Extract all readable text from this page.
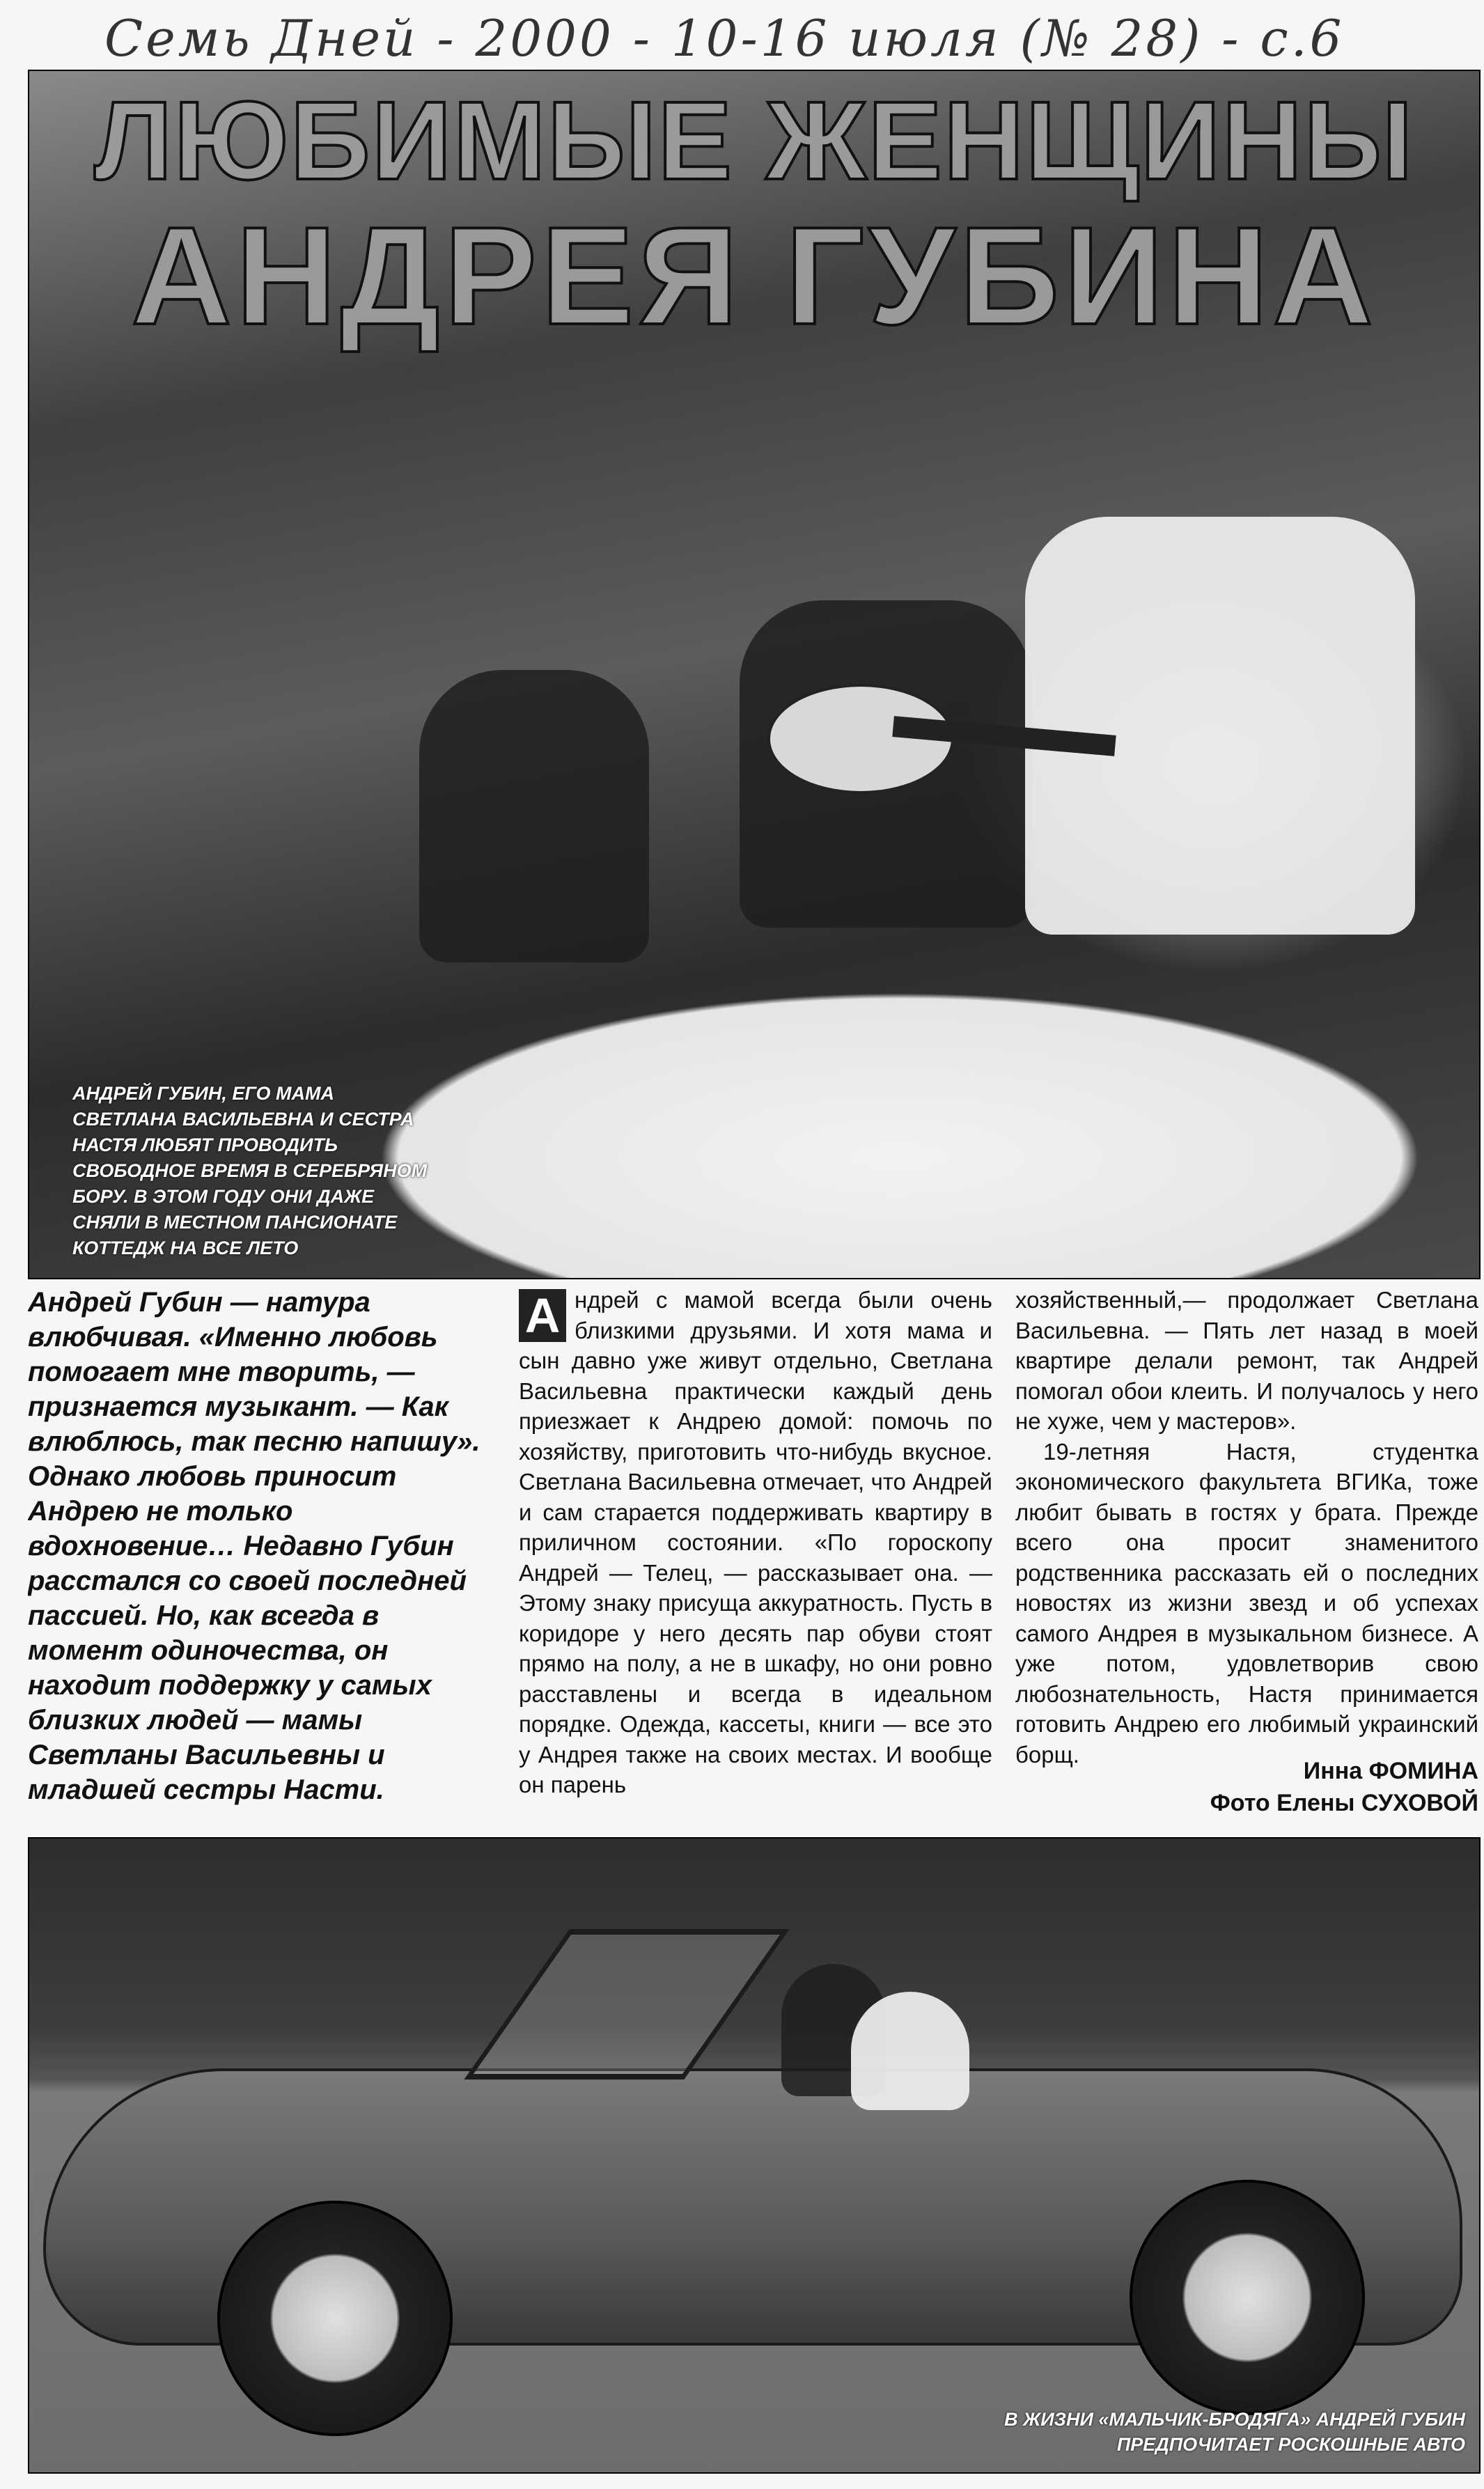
Семь Дней - 2000 - 10-16 июля (№ 28) - с.6
ЛЮБИМЫЕ ЖЕНЩИНЫ
АНДРЕЯ ГУБИНА
АНДРЕЙ ГУБИН, ЕГО МАМА СВЕТЛАНА ВАСИЛЬЕВНА И СЕСТРА НАСТЯ ЛЮБЯТ ПРОВОДИТЬ СВОБОДНОЕ ВРЕМЯ В СЕРЕБРЯНОМ БОРУ. В ЭТОМ ГОДУ ОНИ ДАЖЕ СНЯЛИ В МЕСТНОМ ПАНСИОНАТЕ КОТТЕДЖ НА ВСЕ ЛЕТО
Андрей Губин — натура влюбчивая. «Именно любовь помогает мне творить, — признается музыкант. — Как влюблюсь, так песню напишу». Однако любовь приносит Андрею не только вдохновение… Недавно Губин расстался со своей последней пассией. Но, как всегда в момент одиночества, он находит поддержку у самых близких людей — мамы Светланы Васильевны и младшей сестры Насти.
А ндрей с мамой всегда были очень близкими друзьями. И хотя мама и сын давно уже живут отдельно, Светлана Васильевна практически каждый день приезжает к Андрею домой: помочь по хозяйству, приготовить что-нибудь вкусное. Светлана Васильевна отмечает, что Андрей и сам старается поддерживать квартиру в приличном состоянии. «По гороскопу Андрей — Телец, — рассказывает она. — Этому знаку присуща аккуратность. Пусть в коридоре у него десять пар обуви стоят прямо на полу, а не в шкафу, но они ровно расставлены и всегда в идеальном порядке. Одежда, кассеты, книги — все это у Андрея также на своих местах. И вообще он парень

хозяйственный,— продолжает Светлана Васильевна. — Пять лет назад в моей квартире делали ремонт, так Андрей помогал обои клеить. И получалось у него не хуже, чем у мастеров».

19-летняя Настя, студентка экономического факультета ВГИКа, тоже любит бывать в гостях у брата. Прежде всего она просит знаменитого родственника рассказать ей о последних новостях из жизни звезд и об успехах самого Андрея в музыкальном бизнесе. А уже потом, удовлетворив свою любознательность, Настя принимается готовить Андрею его любимый украинский борщ.

Инна ФОМИНА
Фото Елены СУХОВОЙ
В ЖИЗНИ «МАЛЬЧИК-БРОДЯГА» АНДРЕЙ ГУБИН ПРЕДПОЧИТАЕТ РОСКОШНЫЕ АВТО
